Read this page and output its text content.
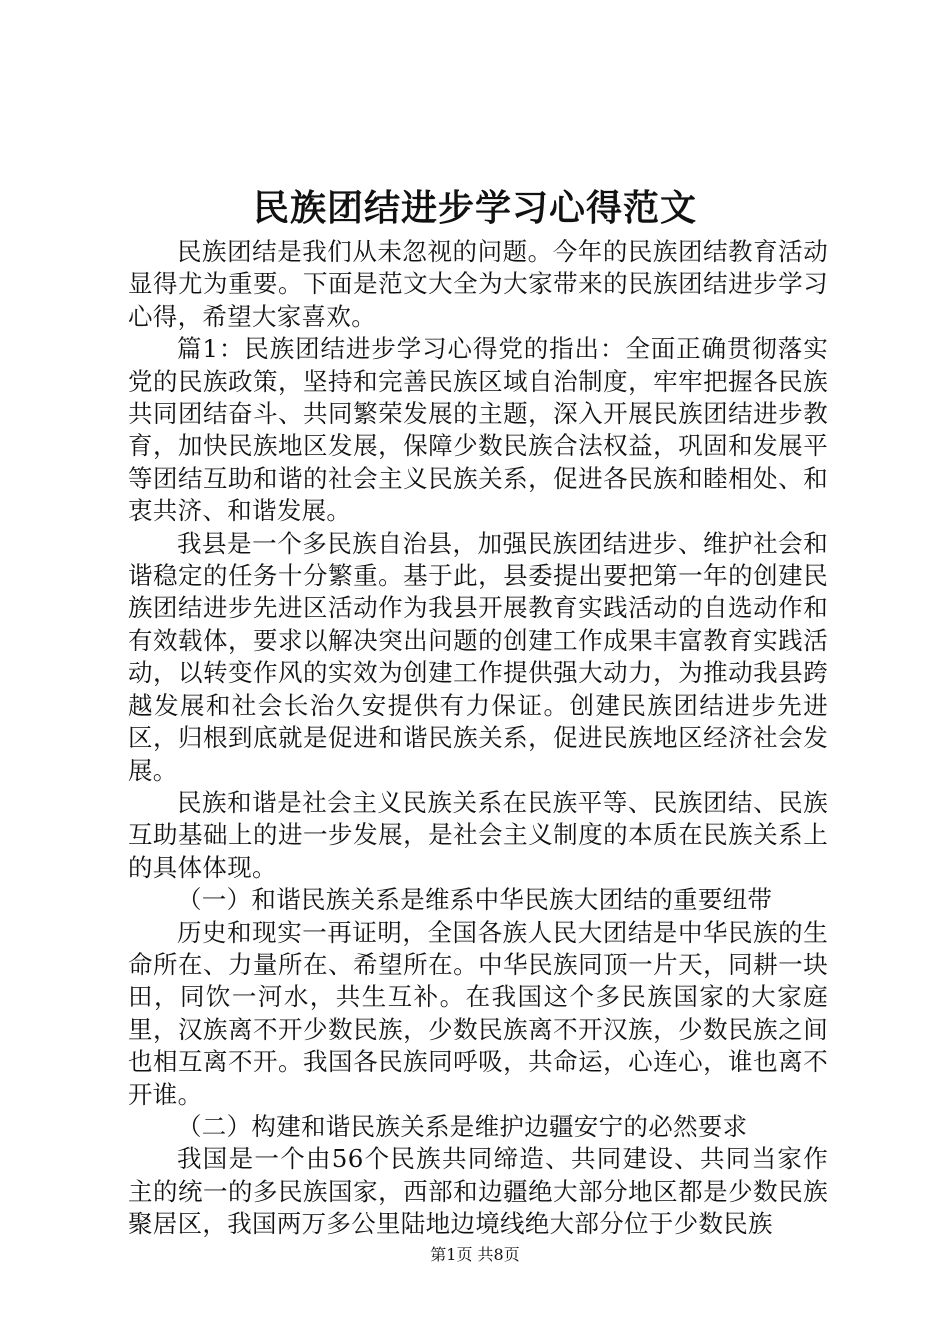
民族团结进步学习心得范文

民族团结是我们从未忽视的问题。今年的民族团结教育活动显得尤为重要。下面是范文大全为大家带来的民族团结进步学习心得，希望大家喜欢。

篇1：民族团结进步学习心得党的指出：全面正确贯彻落实党的民族政策，坚持和完善民族区域自治制度，牢牢把握各民族共同团结奋斗、共同繁荣发展的主题，深入开展民族团结进步教育，加快民族地区发展，保障少数民族合法权益，巩固和发展平等团结互助和谐的社会主义民族关系，促进各民族和睦相处、和衷共济、和谐发展。

我县是一个多民族自治县，加强民族团结进步、维护社会和谐稳定的任务十分繁重。基于此，县委提出要把第一年的创建民族团结进步先进区活动作为我县开展教育实践活动的自选动作和有效载体，要求以解决突出问题的创建工作成果丰富教育实践活动，以转变作风的实效为创建工作提供强大动力，为推动我县跨越发展和社会长治久安提供有力保证。创建民族团结进步先进区，归根到底就是促进和谐民族关系，促进民族地区经济社会发展。

民族和谐是社会主义民族关系在民族平等、民族团结、民族互助基础上的进一步发展，是社会主义制度的本质在民族关系上的具体体现。

（一）和谐民族关系是维系中华民族大团结的重要纽带

历史和现实一再证明，全国各族人民大团结是中华民族的生命所在、力量所在、希望所在。中华民族同顶一片天，同耕一块田，同饮一河水，共生互补。在我国这个多民族国家的大家庭里，汉族离不开少数民族，少数民族离不开汉族，少数民族之间也相互离不开。我国各民族同呼吸，共命运，心连心，谁也离不开谁。

（二）构建和谐民族关系是维护边疆安宁的必然要求

我国是一个由56个民族共同缔造、共同建设、共同当家作主的统一的多民族国家，西部和边疆绝大部分地区都是少数民族聚居区，我国两万多公里陆地边境线绝大部分位于少数民族

第1页 共8页
